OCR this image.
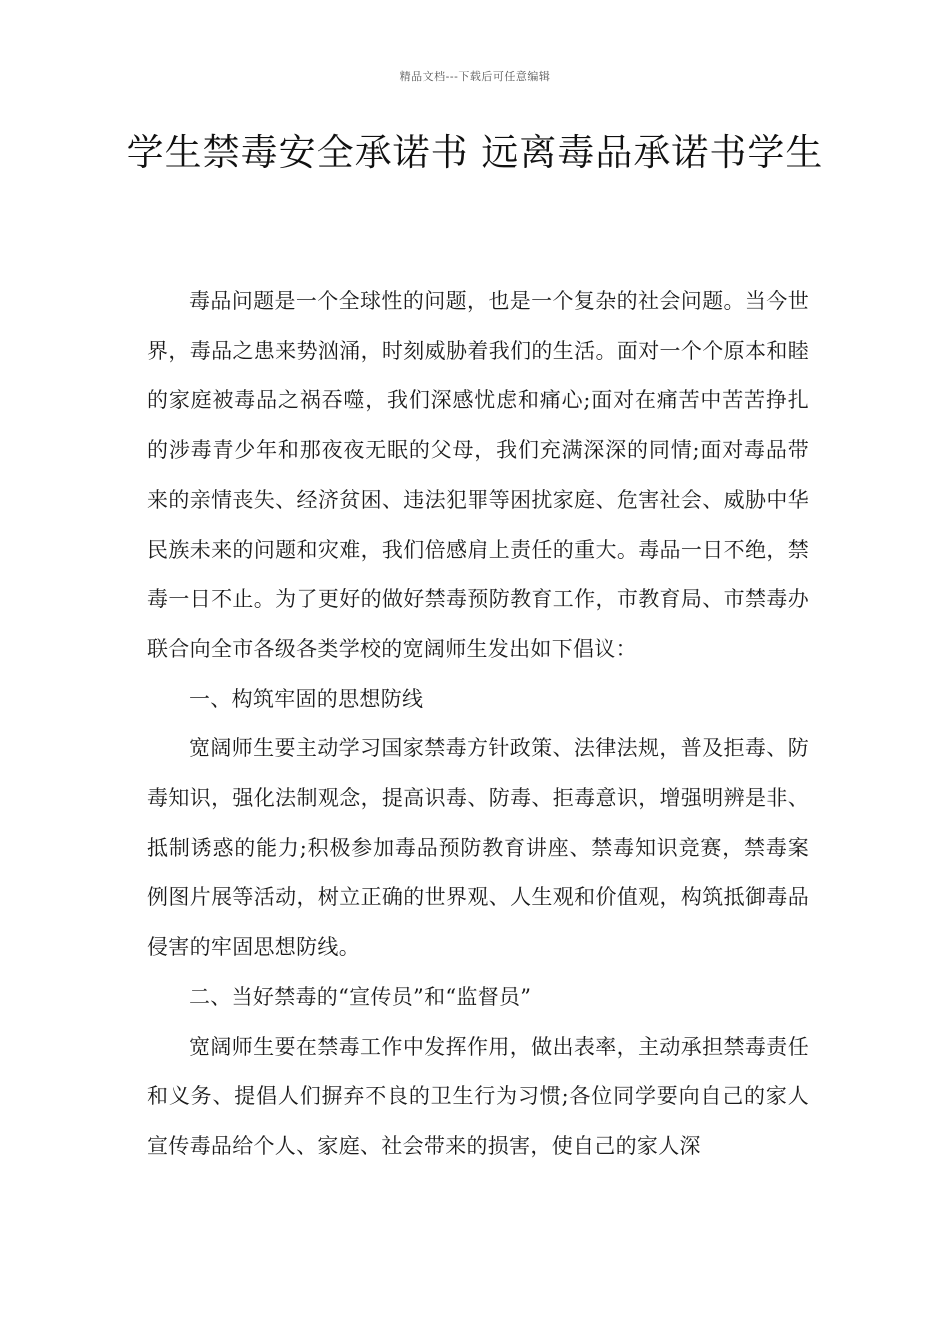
精品文档---下载后可任意编辑
学生禁毒安全承诺书 远离毒品承诺书学生

毒品问题是一个全球性的问题，也是一个复杂的社会问题。当今世界，毒品之患来势汹涌，时刻威胁着我们的生活。面对一个个原本和睦的家庭被毒品之祸吞噬，我们深感忧虑和痛心;面对在痛苦中苦苦挣扎的涉毒青少年和那夜夜无眠的父母，我们充满深深的同情;面对毒品带来的亲情丧失、经济贫困、违法犯罪等困扰家庭、危害社会、威胁中华民族未来的问题和灾难，我们倍感肩上责任的重大。毒品一日不绝，禁毒一日不止。为了更好的做好禁毒预防教育工作，市教育局、市禁毒办联合向全市各级各类学校的宽阔师生发出如下倡议：

一、构筑牢固的思想防线

宽阔师生要主动学习国家禁毒方针政策、法律法规，普及拒毒、防毒知识，强化法制观念，提高识毒、防毒、拒毒意识，增强明辨是非、抵制诱惑的能力;积极参加毒品预防教育讲座、禁毒知识竞赛，禁毒案例图片展等活动，树立正确的世界观、人生观和价值观，构筑抵御毒品侵害的牢固思想防线。

二、当好禁毒的“宣传员”和“监督员”

宽阔师生要在禁毒工作中发挥作用，做出表率，主动承担禁毒责任和义务、提倡人们摒弃不良的卫生行为习惯;各位同学要向自己的家人宣传毒品给个人、家庭、社会带来的损害，使自己的家人深
